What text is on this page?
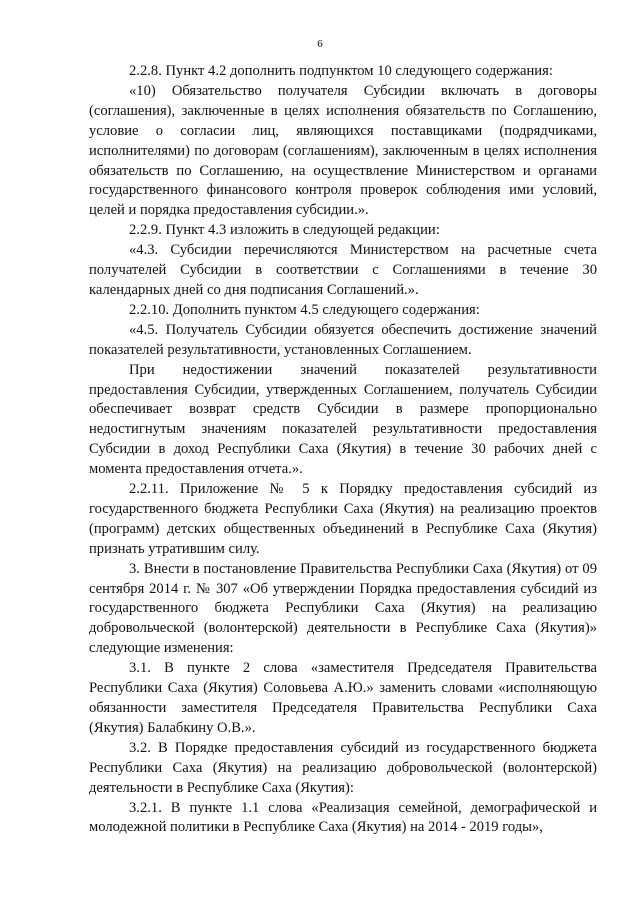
6

2.2.8. Пункт 4.2 дополнить подпунктом 10 следующего содержания:

«10) Обязательство получателя Субсидии включать в договоры (соглашения), заключенные в целях исполнения обязательств по Соглашению, условие о согласии лиц, являющихся поставщиками (подрядчиками, исполнителями) по договорам (соглашениям), заключенным в целях исполнения обязательств по Соглашению, на осуществление Министерством и органами государственного финансового контроля проверок соблюдения ими условий, целей и порядка предоставления субсидии.».

2.2.9. Пункт 4.3 изложить в следующей редакции:

«4.3. Субсидии перечисляются Министерством на расчетные счета получателей Субсидии в соответствии с Соглашениями в течение 30 календарных дней со дня подписания Соглашений.».

2.2.10. Дополнить пунктом 4.5 следующего содержания:

«4.5. Получатель Субсидии обязуется обеспечить достижение значений показателей результативности, установленных Соглашением.

При недостижении значений показателей результативности предоставления Субсидии, утвержденных Соглашением, получатель Субсидии обеспечивает возврат средств Субсидии в размере пропорционально недостигнутым значениям показателей результативности предоставления Субсидии в доход Республики Саха (Якутия) в течение 30 рабочих дней с момента предоставления отчета.».

2.2.11. Приложение № 5 к Порядку предоставления субсидий из государственного бюджета Республики Саха (Якутия) на реализацию проектов (программ) детских общественных объединений в Республике Саха (Якутия) признать утратившим силу.

3. Внести в постановление Правительства Республики Саха (Якутия) от 09 сентября 2014 г. № 307 «Об утверждении Порядка предоставления субсидий из государственного бюджета Республики Саха (Якутия) на реализацию добровольческой (волонтерской) деятельности в Республике Саха (Якутия)» следующие изменения:

3.1. В пункте 2 слова «заместителя Председателя Правительства Республики Саха (Якутия) Соловьева А.Ю.» заменить словами «исполняющую обязанности заместителя Председателя Правительства Республики Саха (Якутия) Балабкину О.В.».

3.2. В Порядке предоставления субсидий из государственного бюджета Республики Саха (Якутия) на реализацию добровольческой (волонтерской) деятельности в Республике Саха (Якутия):

3.2.1. В пункте 1.1 слова «Реализация семейной, демографической и молодежной политики в Республике Саха (Якутия) на 2014 - 2019 годы»,
